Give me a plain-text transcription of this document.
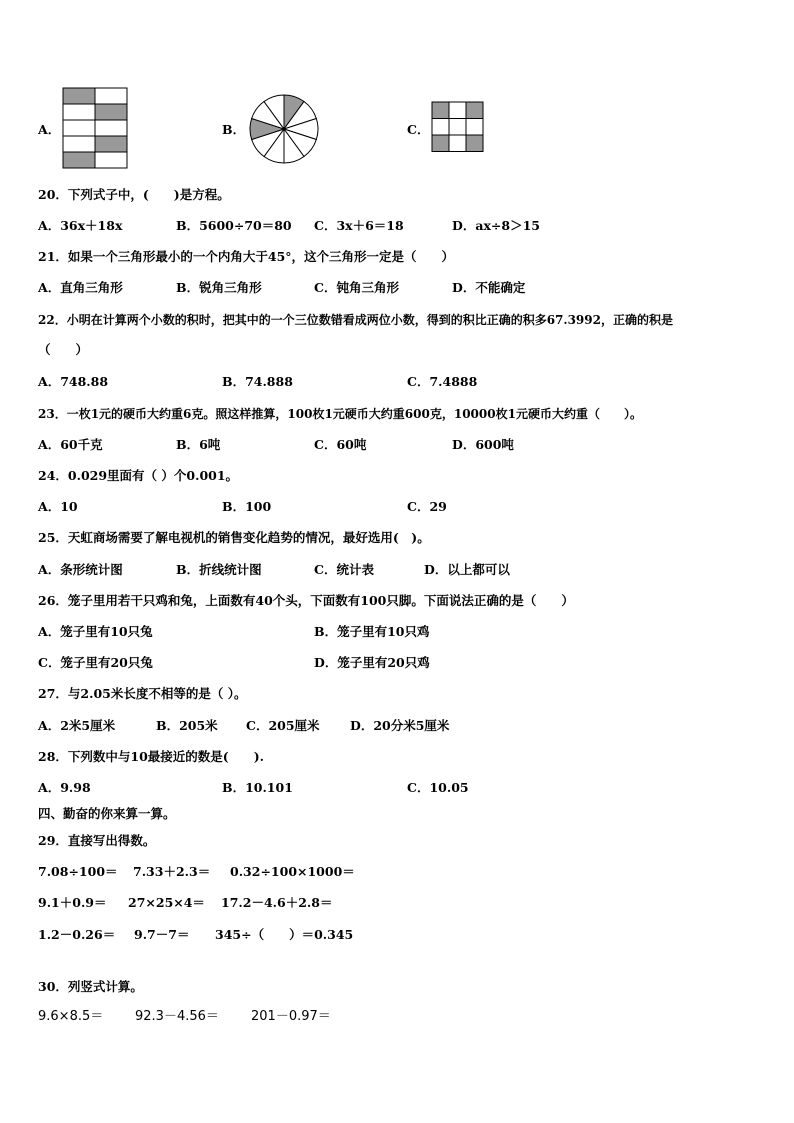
A．	B．	C．
20．下列式子中，(　　)是方程。
A．36x＋18x	B．5600÷70＝80 C．3x＋6＝18	D．ax÷8＞15
21．如果一个三角形最小的一个内角大于45°，这个三角形一定是（　　）
A．直角三角形	B．锐角三角形	C．钝角三角形	D．不能确定
22．小明在计算两个小数的积时，把其中的一个三位数错看成两位小数，得到的积比正确的积多67.3992，正确的积是
（　　）
A．748.88	B．74.888	C．7.4888
23．一枚1元的硬币大约重6克。照这样推算，100枚1元硬币大约重600克，10000枚1元硬币大约重（　　）。
A．60千克	B．6吨	C．60吨	D．600吨
24．0.029里面有（ ）个0.001。
A．10	B．100	C．29
25．天虹商场需要了解电视机的销售变化趋势的情况，最好选用(　)。
A．条形统计图	B．折线统计图	C．统计表	D．以上都可以
26．笼子里用若干只鸡和兔，上面数有40个头，下面数有100只脚。下面说法正确的是（　　）
A．笼子里有10只兔	B．笼子里有10只鸡
C．笼子里有20只兔	D．笼子里有20只鸡
27．与2.05米长度不相等的是（ ）。
A．2米5厘米	B．205米 C．205厘米 D．20分米5厘米
28．下列数中与10最接近的数是(　　).
A．9.98	B．10.101	C．10.05
四、勤奋的你来算一算。
29．直接写出得数。
7.08÷100＝ 7.33＋2.3＝ 0.32÷100×1000＝
9.1＋0.9＝ 27×25×4＝ 17.2－4.6＋2.8＝
1.2－0.26＝ 9.7－7＝ 345÷（　　）＝0.345
30．列竖式计算。
9.6×8.5＝ 92.3－4.56＝ 201－0.97＝
